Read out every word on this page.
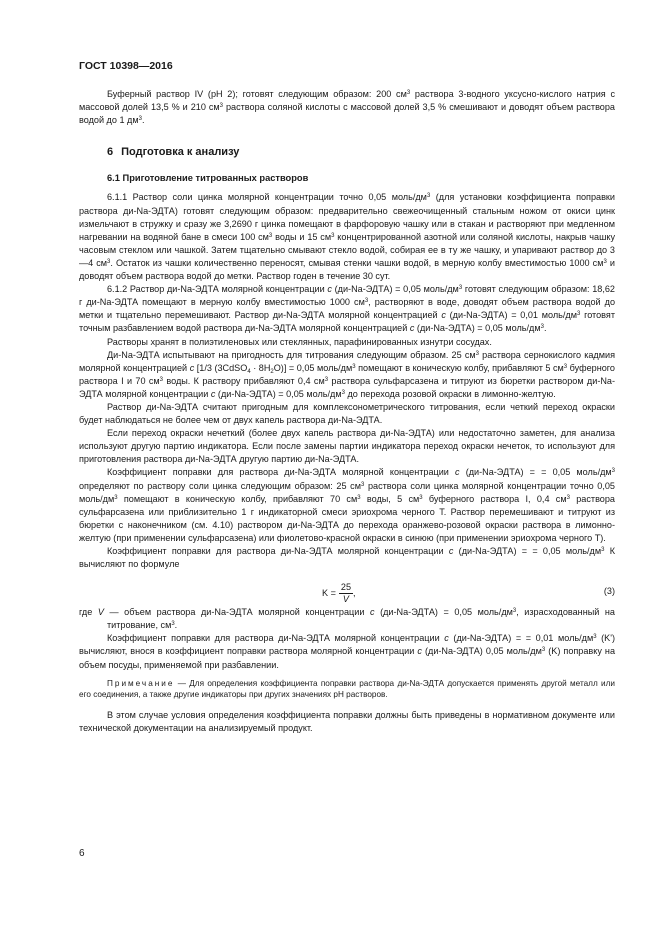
ГОСТ 10398—2016

Буферный раствор IV (pH 2); готовят следующим образом: 200 $см^3$ раствора 3-водного уксусно-кислого натрия с массовой долей 13,5 % и 210 $см^3$ раствора соляной кислоты с массовой долей 3,5 % смешивают и доводят объем раствора водой до 1 $дм^3$.

6 Подготовка к анализу
6.1 Приготовление титрованных растворов

6.1.1 Раствор соли цинка молярной концентрации точно 0,05 моль/$дм^3$ (для установки коэффициента поправки раствора ди-Na-ЭДТА) готовят следующим образом: предварительно свежеочищенный стальным ножом от окиси цинк измельчают в стружку и сразу же 3,2690 г цинка помещают в фарфоровую чашку или в стакан и растворяют при медленном нагревании на водяной бане в смеси 100 $см^3$ воды и 15 $см^3$ концентрированной азотной или соляной кислоты, накрыв чашку часовым стеклом или чашкой. Затем тщательно смывают стекло водой, собирая ее в ту же чашку, и упаривают раствор до 3—4 $см^3$. Остаток из чашки количественно переносят, смывая стенки чашки водой, в мерную колбу вместимостью 1000 $см^3$ и доводят объем раствора водой до метки. Раствор годен в течение 30 сут.

6.1.2 Раствор ди-Na-ЭДТА молярной концентрации c (ди-Na-ЭДТА) = 0,05 моль/$дм^3$ готовят следующим образом: 18,62 г ди-Na-ЭДТА помещают в мерную колбу вместимостью 1000 $см^3$, растворяют в воде, доводят объем раствора водой до метки и тщательно перемешивают. Раствор ди-Na-ЭДТА молярной концентрацией c (ди-Na-ЭДТА) = 0,01 моль/$дм^3$ готовят точным разбавлением водой раствора ди-Na-ЭДТА молярной концентрацией c (ди-Na-ЭДТА) = 0,05 моль/$дм^3$.

Растворы хранят в полиэтиленовых или стеклянных, парафинированных изнутри сосудах.

Ди-Na-ЭДТА испытывают на пригодность для титрования следующим образом. 25 $см^3$ раствора сернокислого кадмия молярной концентрацией c [1/3 (3CdSO$_4$ · $8H_2O)] = 0,05$ моль/$дм^3$ помещают в коническую колбу, прибавляют 5 $см^3$ буферного раствора I и 70 $см^3$ воды. К раствору прибавляют 0,4 $см^3$ раствора сульфарсазена и титруют из бюретки раствором ди-Na-ЭДТА молярной концентрации c (ди-Na-ЭДТА) = 0,05 моль/$дм^3$ до перехода розовой окраски в лимонно-желтую.

Раствор ди-Na-ЭДТА считают пригодным для комплексонометрического титрования, если четкий переход окраски будет наблюдаться не более чем от двух капель раствора ди-Na-ЭДТА.

Если переход окраски нечеткий (более двух капель раствора ди-Na-ЭДТА) или недостаточно заметен, для анализа используют другую партию индикатора. Если после замены партии индикатора переход окраски нечеток, то используют для приготовления раствора ди-Na-ЭДТА другую партию ди-Na-ЭДТА.

Коэффициент поправки для раствора ди-Na-ЭДТА молярной концентрации c (ди-Na-ЭДТА) = = 0,05 моль/$дм^3$ определяют по раствору соли цинка следующим образом: 25 $см^3$ раствора соли цинка молярной концентрации точно 0,05 моль/$дм^3$ помещают в коническую колбу, прибавляют 70 $см^3$ воды, 5 $см^3$ буферного раствора I, 0,4 $см^3$ раствора сульфарсазена или приблизительно 1 г индикаторной смеси эриохрома черного Т. Раствор перемешивают и титруют из бюретки с наконечником (см. 4.10) раствором ди-Na-ЭДТА до перехода оранжево-розовой окраски раствора в лимонно-желтую (при применении сульфарсазена) или фиолетово-красной окраски в синюю (при применении эриохрома черного Т).

Коэффициент поправки для раствора ди-Na-ЭДТА молярной концентрации c (ди-Na-ЭДТА) = = 0,05 моль/$дм^3$ К вычисляют по формуле

$K = \frac{25}{V}$ ,	(3)

где V — объем раствора ди-Na-ЭДТА молярной концентрации c (ди-Na-ЭДТА) = 0,05 моль/$дм^3$, израсходованный на титрование, $см^3$.

Коэффициент поправки для раствора ди-Na-ЭДТА молярной концентрации c (ди-Na-ЭДТА) = = 0,01 моль/$дм^3$ (K') вычисляют, внося в коэффициент поправки раствора молярной концентрации c (ди-Na-ЭДТА) 0,05 моль/$дм^3$ (K) поправку на объем посуды, применяемой при разбавлении.

Примечание — Для определения коэффициента поправки раствора ди-Na-ЭДТА допускается применять другой металл или его соединения, а также другие индикаторы при других значениях pH растворов.

В этом случае условия определения коэффициента поправки должны быть приведены в нормативном документе или технической документации на анализируемый продукт.

6
